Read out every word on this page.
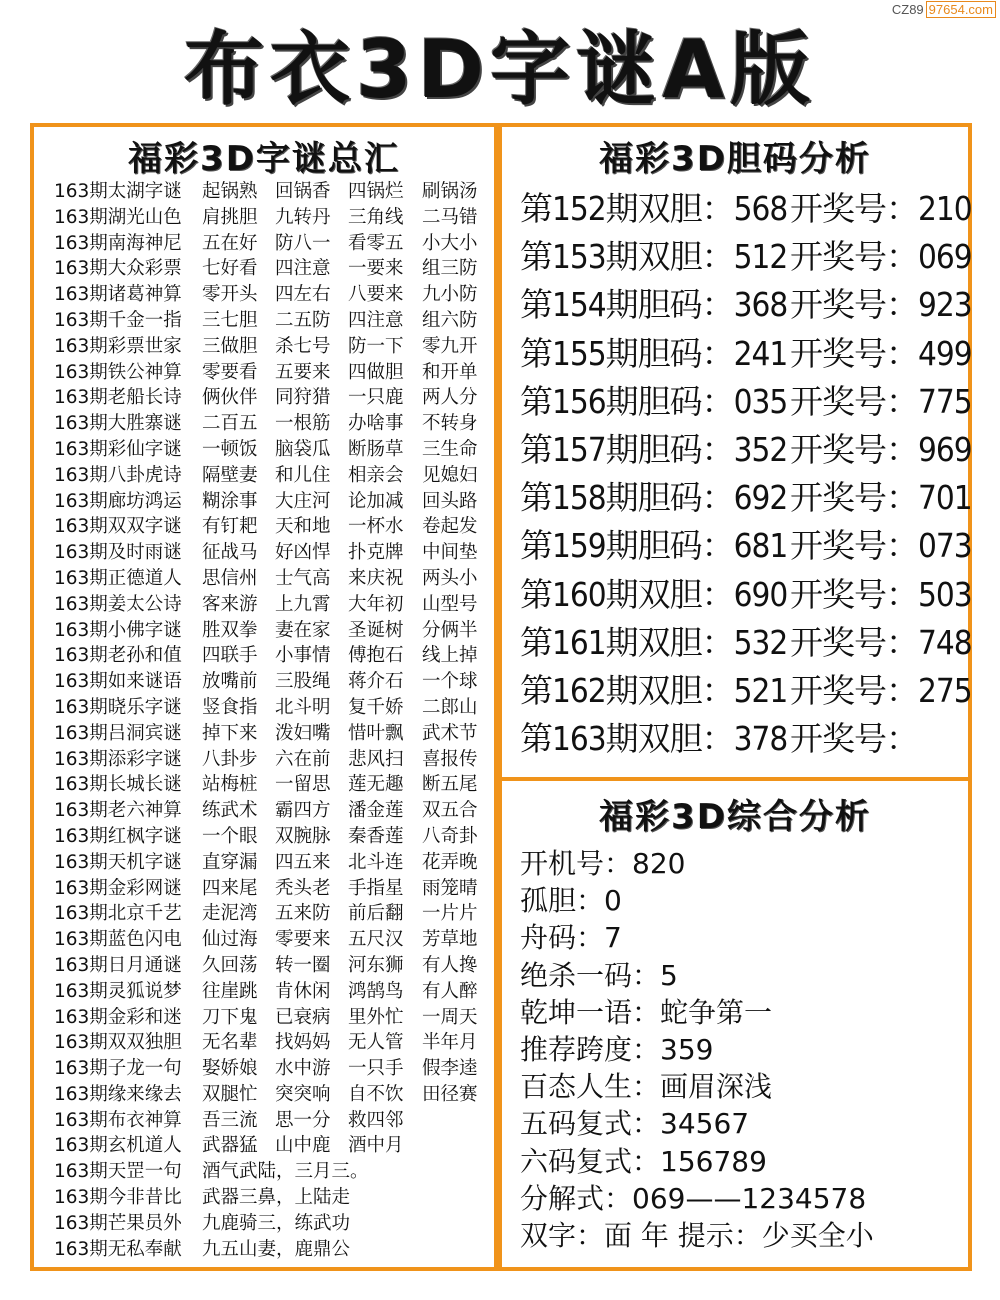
CZ89 97654.com
布衣3D字谜A版
福彩3D字谜总汇
163期太湖字谜	起锅熟 回锅香 四锅烂 刷锅汤
163期湖光山色	肩挑胆 九转丹 三角线 二马错
163期南海神尼	五在好 防八一 看零五 小大小
163期大众彩票	七好看 四注意 一要来 组三防
163期诸葛神算	零开头 四左右 八要来 九小防
163期千金一指	三七胆 二五防 四注意 组六防
163期彩票世家	三做胆 杀七号 防一下 零九开
163期铁公神算	零要看 五要来 四做胆 和开单
163期老船长诗	俩伙伴 同狩猎 一只鹿 两人分
163期大胜寨谜	二百五 一根筋 办啥事 不转身
163期彩仙字谜	一顿饭 脑袋瓜 断肠草 三生命
163期八卦虎诗	隔壁妻 和儿住 相亲会 见媳妇
163期廊坊鸿运	糊涂事 大庄河 论加减 回头路
163期双双字谜	有钉耙 天和地 一杯水 卷起发
163期及时雨谜	征战马 好凶悍 扑克牌 中间垫
163期正德道人	思信州 士气高 来庆祝 两头小
163期姜太公诗	客来游 上九霄 大年初 山型号
163期小佛字谜	胜双拳 妻在家 圣诞树 分俩半
163期老孙和值	四联手 小事情 傅抱石 线上掉
163期如来谜语	放嘴前 三股绳 蒋介石 一个球
163期晓乐字谜	竖食指 北斗明 复千娇 二郎山
163期吕洞宾谜	掉下来 泼妇嘴 惜叶飘 武术节
163期添彩字谜	八卦步 六在前 悲风扫 喜报传
163期长城长谜	站梅桩 一留思 莲无趣 断五尾
163期老六神算	练武术 霸四方 潘金莲 双五合
163期红枫字谜	一个眼 双腕脉 秦香莲 八奇卦
163期天机字谜	直穿漏 四五来 北斗连 花弄晚
163期金彩网谜	四来尾 秃头老 手指星 雨笼晴
163期北京千艺	走泥湾 五来防 前后翻 一片片
163期蓝色闪电	仙过海 零要来 五尺汉 芳草地
163期日月通谜	久回荡 转一圈 河东狮 有人搀
163期灵狐说梦	往崖跳 肯休闲 鸿鹄鸟 有人醉
163期金彩和迷	刀下鬼 已衰病 里外忙 一周天
163期双双独胆	无名辈 找妈妈 无人管 半年月
163期子龙一句	娶娇娘 水中游 一只手 假李逵
163期缘来缘去	双腿忙 突突响 自不饮 田径赛
163期布衣神算	吾三流 思一分 救四邻
163期玄机道人	武器猛 山中鹿 酒中月
163期天罡一句	酒气武陆，三月三。
163期今非昔比	武器三鼻，上陆走
163期芒果员外	九鹿骑三，练武功
163期无私奉献	九五山妻，鹿鼎公
福彩3D胆码分析
第152期双胆：568开奖号：210
第153期双胆：512开奖号：069
第154期胆码：368开奖号：923
第155期胆码：241开奖号：499
第156期胆码：035开奖号：775
第157期胆码：352开奖号：969
第158期胆码：692开奖号：701
第159期胆码：681开奖号：073
第160期双胆：690开奖号：503
第161期双胆：532开奖号：748
第162期双胆：521开奖号：275
第163期双胆：378开奖号：
福彩3D综合分析
开机号：820
孤胆：0
舟码：7
绝杀一码：5
乾坤一语：蛇争第一
推荐跨度：359
百态人生：画眉深浅
五码复式：34567
六码复式：156789
分解式：069——1234578
双字：面 年 提示：少买全小
